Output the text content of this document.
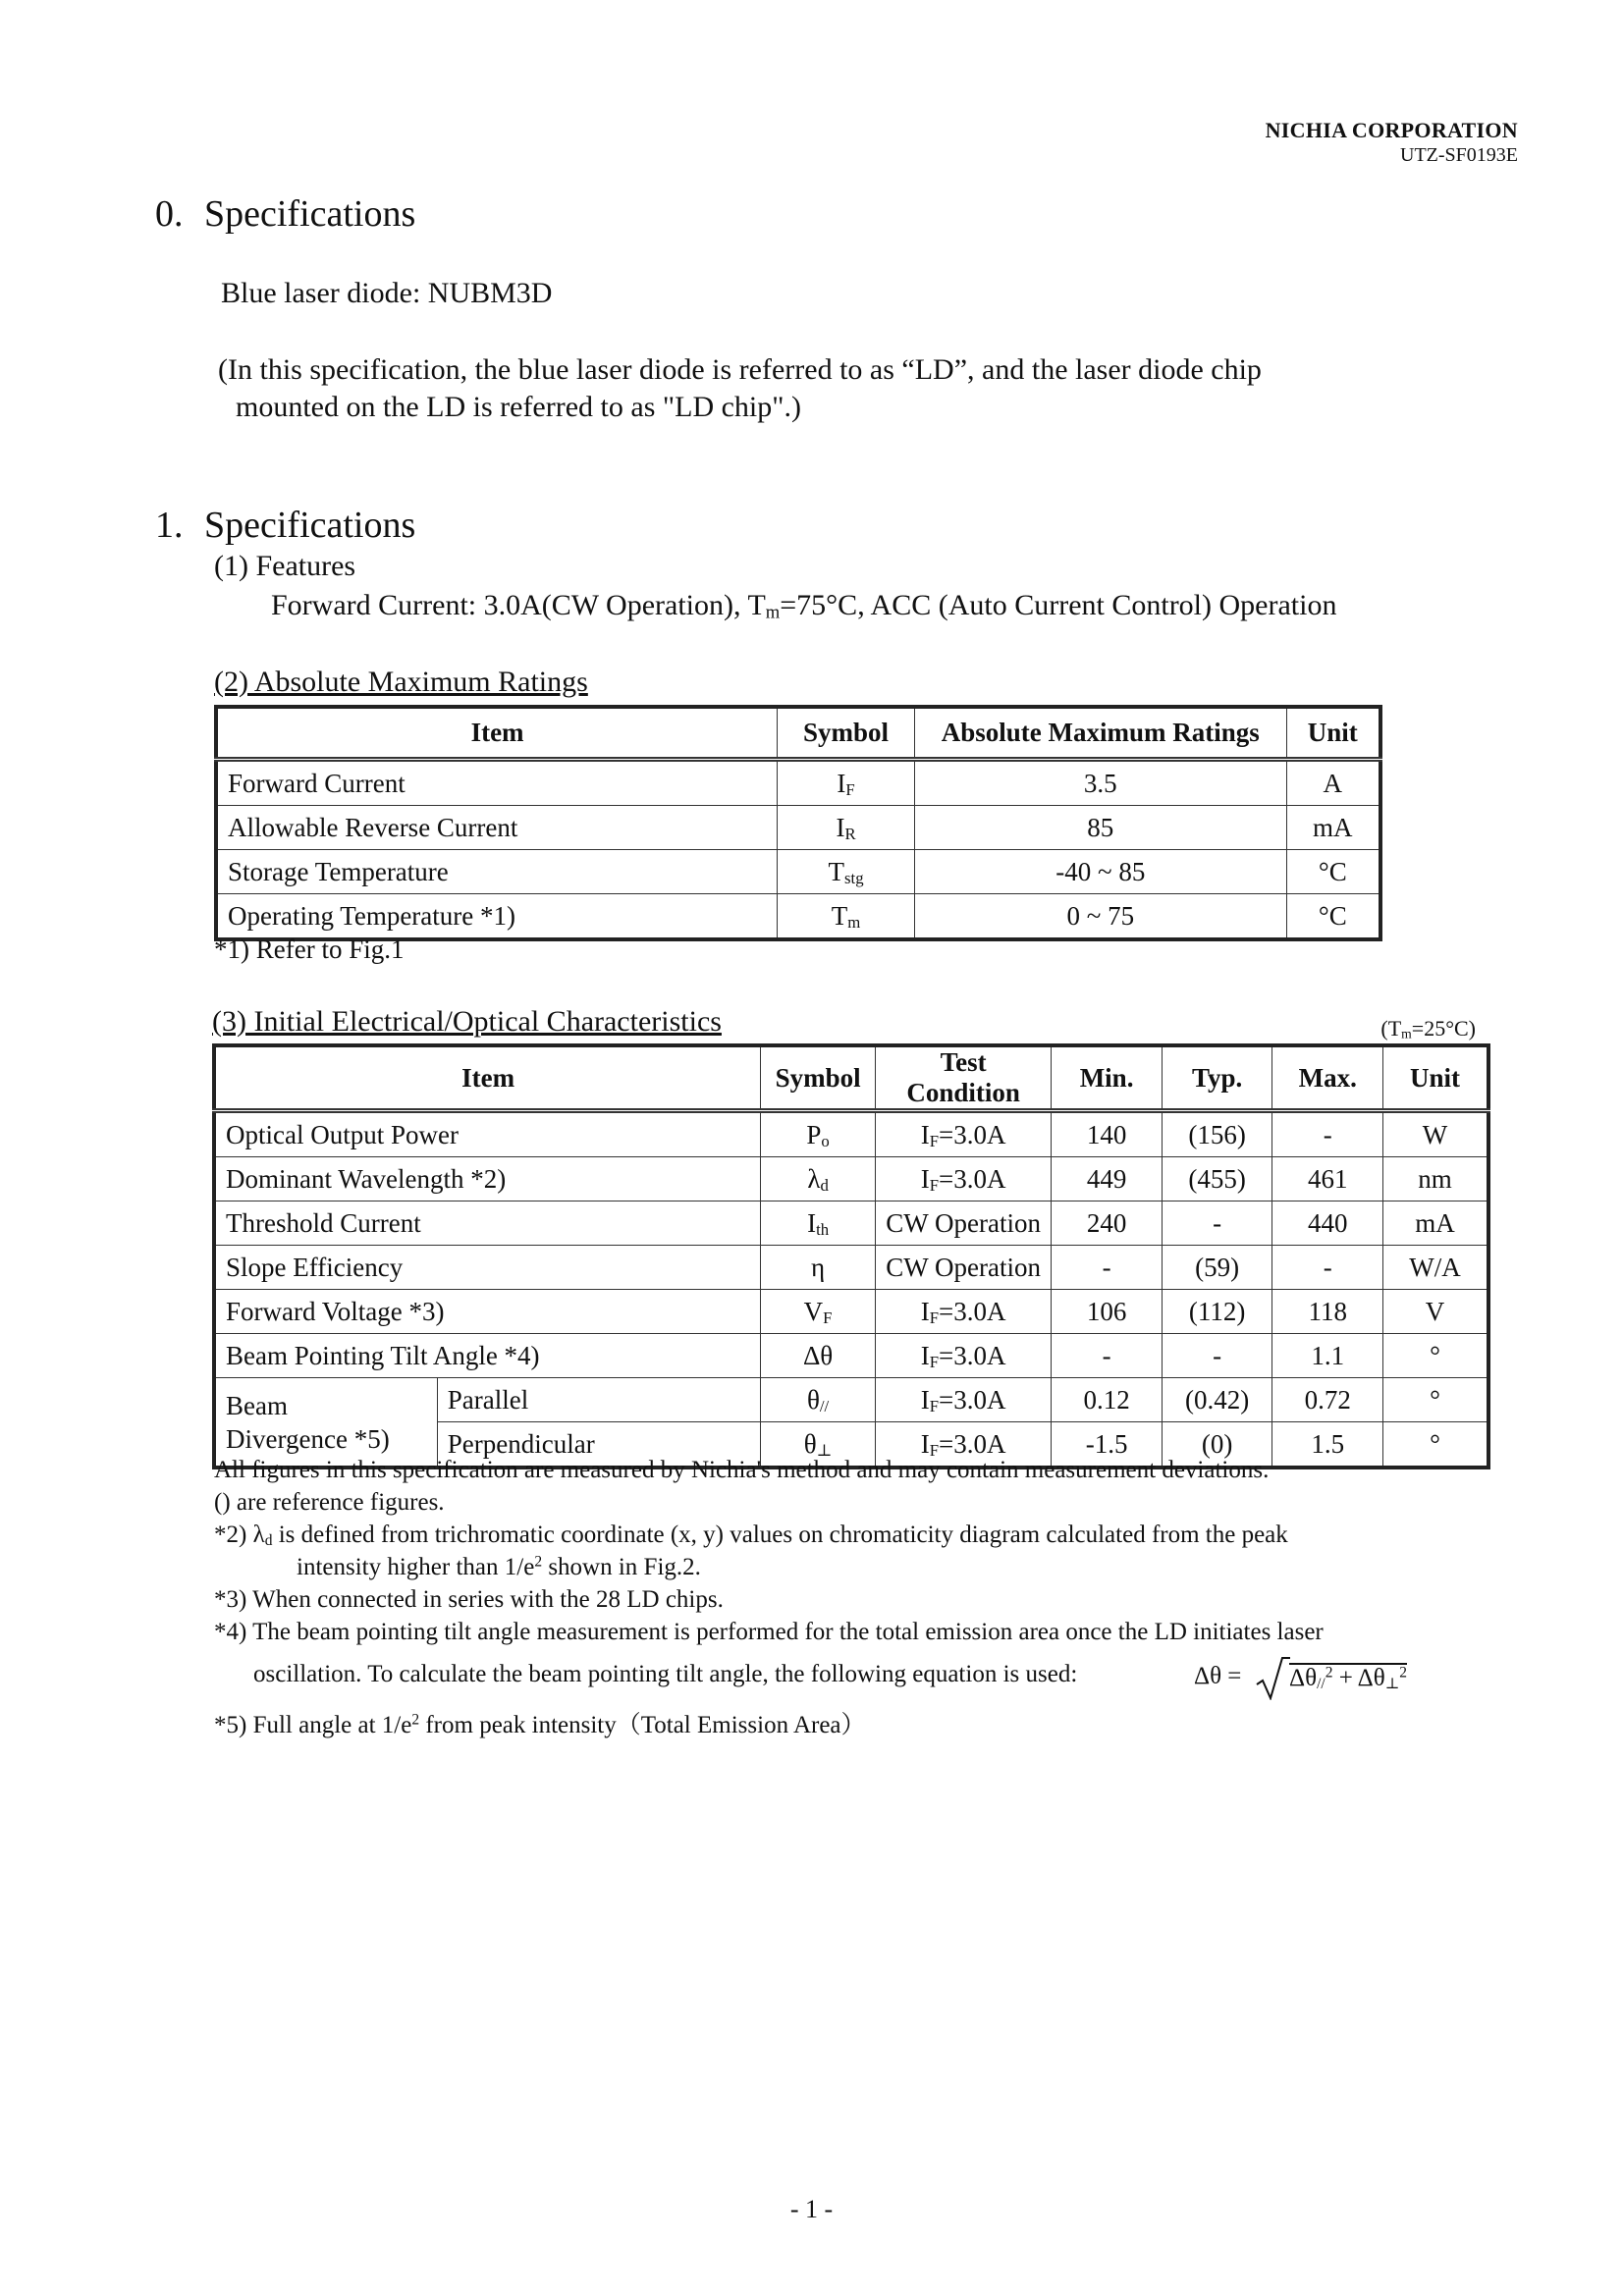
NICHIA CORPORATION
UTZ-SF0193E
0. Specifications
Blue laser diode: NUBM3D
(In this specification, the blue laser diode is referred to as “LD”, and the laser diode chip
mounted on the LD is referred to as "LD chip".)
1. Specifications
(1) Features
Forward Current: 3.0A(CW Operation), $T_m=75^\circ C$, ACC (Auto Current Control) Operation
(2) Absolute Maximum Ratings
Item	Symbol	Absolute Maximum Ratings	Unit
Forward Current	$I_F$	3.5	A
Allowable Reverse Current	$I_R$	85	mA
Storage Temperature	$T_{stg}$	-40 ~ 85	°C
Operating Temperature *1)	$T_m$	0 ~ 75	°C
*1) Refer to Fig.1
(3) Initial Electrical/Optical Characteristics	$(T_m=25^\circ C)$
Item		Symbol	Test Condition	Min.	Typ.	Max.	Unit
Optical Output Power		$P_o$	$I_F=3.0A$	140	(156)	-	W
Dominant Wavelength *2)		$\lambda_d$	$I_F=3.0A$	449	(455)	461	nm
Threshold Current		$I_{th}$	CW Operation	240	-	440	mA
Slope Efficiency		η	CW Operation	-	(59)	-	W/A
Forward Voltage *3)		$V_F$	$I_F=3.0A$	106	(112)	118	V
Beam Pointing Tilt Angle *4)		Δθ	$I_F=3.0A$	-	-	1.1	°

Beam
Divergence *5)	Parallel	$\theta_{//}$	$I_F=3.0A$	0.12	(0.42)	0.72	°
	Perpendicular	$\theta_\perp$	$I_F=3.0A$	-1.5	(0)	1.5	°
All figures in this specification are measured by Nichia's method and may contain measurement deviations.
() are reference figures.
*2) $\lambda_d$ is defined from trichromatic coordinate (x, y) values on chromaticity diagram calculated from the peak
intensity higher than $1/e^2$ shown in Fig.2.
*3) When connected in series with the 28 LD chips.
*4) The beam pointing tilt angle measurement is performed for the total emission area once the LD initiates laser
oscillation. To calculate the beam pointing tilt angle, the following equation is used:	$\Delta\theta = \Delta\theta_{//}^2 + \Delta\theta_\perp^2$
*5) Full angle at $1/e^2$ from peak intensity（Total Emission Area）
- 1 -
